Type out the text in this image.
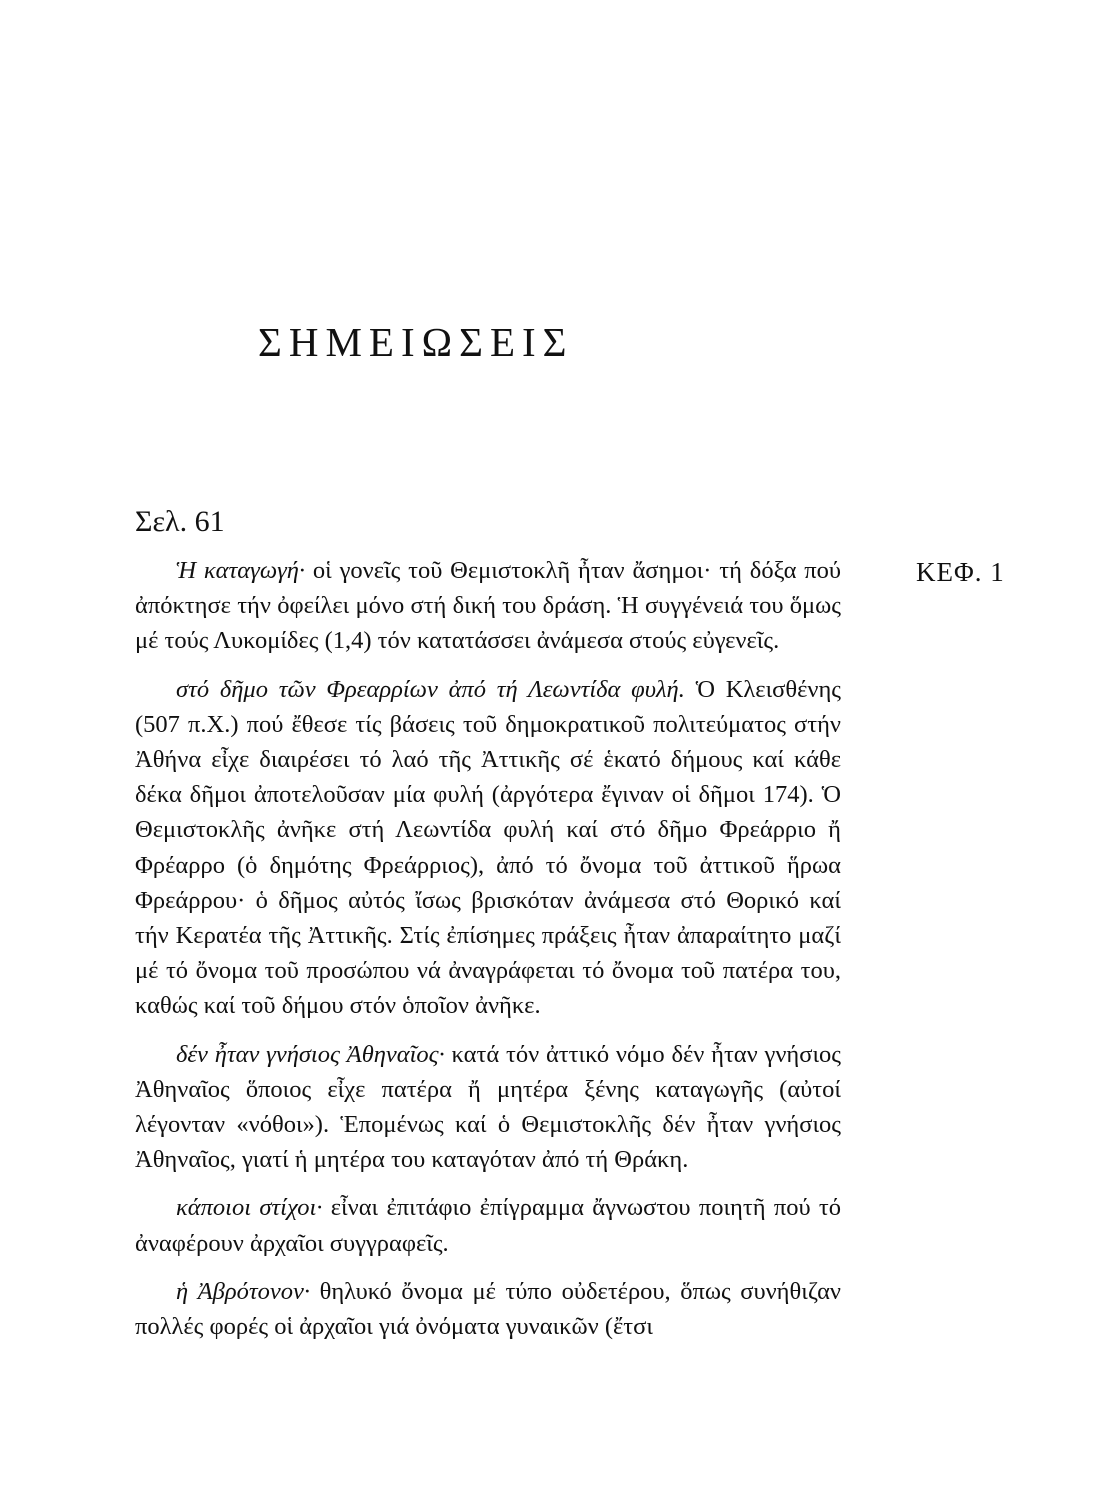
ΣΗΜΕΙΩΣΕΙΣ
Σελ. 61
ΚΕΦ. 1

Ἡ καταγωγή· οἱ γονεῖς τοῦ Θεμιστοκλῆ ἦταν ἄσημοι· τή δόξα πού ἀπόκτησε τήν ὀφείλει μόνο στή δική του δράση. Ἡ συγγένειά του ὅμως μέ τούς Λυκομίδες (1,4) τόν κατατάσσει ἀνάμεσα στούς εὐγενεῖς.

στό δῆμο τῶν Φρεαρρίων ἀπό τή Λεωντίδα φυλή. Ὁ Κλεισθένης (507 π.Χ.) πού ἔθεσε τίς βάσεις τοῦ δημοκρατικοῦ πολιτεύματος στήν Ἀθήνα εἶχε διαιρέσει τό λαό τῆς Ἀττικῆς σέ ἑκατό δήμους καί κάθε δέκα δῆμοι ἀποτελοῦσαν μία φυλή (ἀργότερα ἔγιναν οἱ δῆμοι 174). Ὁ Θεμιστοκλῆς ἀνῆκε στή Λεωντίδα φυλή καί στό δῆμο Φρεάρριο ἤ Φρέαρρο (ὁ δημότης Φρεάρριος), ἀπό τό ὄνομα τοῦ ἀττικοῦ ἥρωα Φρεάρρου· ὁ δῆμος αὐτός ἴσως βρισκόταν ἀνάμεσα στό Θορικό καί τήν Κερατέα τῆς Ἀττικῆς. Στίς ἐπίσημες πράξεις ἦταν ἀπαραίτητο μαζί μέ τό ὄνομα τοῦ προσώπου νά ἀναγράφεται τό ὄνομα τοῦ πατέρα του, καθώς καί τοῦ δήμου στόν ὁποῖον ἀνῆκε.

δέν ἦταν γνήσιος Ἀθηναῖος· κατά τόν ἀττικό νόμο δέν ἦταν γνήσιος Ἀθηναῖος ὅποιος εἶχε πατέρα ἤ μητέρα ξένης καταγωγῆς (αὐτοί λέγονταν «νόθοι»). Ἑπομένως καί ὁ Θεμιστοκλῆς δέν ἦταν γνήσιος Ἀθηναῖος, γιατί ἡ μητέρα του καταγόταν ἀπό τή Θράκη.

κάποιοι στίχοι· εἶναι ἐπιτάφιο ἐπίγραμμα ἄγνωστου ποιητῆ πού τό ἀναφέρουν ἀρχαῖοι συγγραφεῖς.

ἡ Ἀβρότονον· θηλυκό ὄνομα μέ τύπο οὐδετέρου, ὅπως συνήθιζαν πολλές φορές οἱ ἀρχαῖοι γιά ὀνόματα γυναικῶν (ἔτσι
